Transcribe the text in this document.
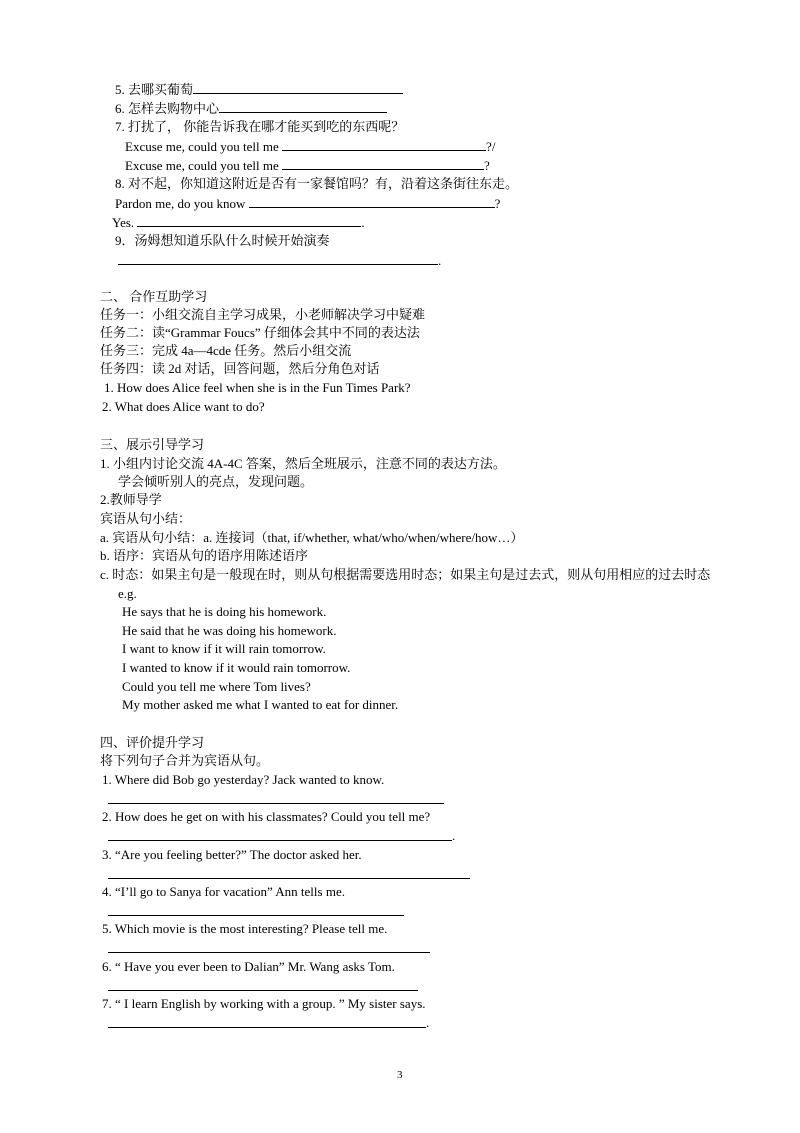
5. 去哪买葡萄
6. 怎样去购物中心
7. 打扰了， 你能告诉我在哪才能买到吃的东西呢？
Excuse me, could you tell me	?/
Excuse me, could you tell me	?
8. 对不起，你知道这附近是否有一家餐馆吗？有，沿着这条街往东走。
Pardon me, do you know	?
Yes.	.
9．汤姆想知道乐队什么时候开始演奏
.
二、 合作互助学习
任务一：小组交流自主学习成果，小老师解决学习中疑难
任务二：读“Grammar Foucs” 仔细体会其中不同的表达法
任务三：完成 4a—4cde 任务。然后小组交流
任务四：读 2d 对话，回答问题，然后分角色对话
1. How does Alice feel when she is in the Fun Times Park?
2. What does Alice want to do?
三、展示引导学习
1. 小组内讨论交流 4A-4C 答案，然后全班展示，注意不同的表达方法。
学会倾听别人的亮点，发现问题。
2.教师导学
宾语从句小结：
a. 宾语从句小结：a. 连接词（that, if/whether, what/who/when/where/how…）
b. 语序：宾语从句的语序用陈述语序
c. 时态：如果主句是一般现在时，则从句根据需要选用时态；如果主句是过去式，则从句用相应的过去时态
e.g.
He says that he is doing his homework.
He said that he was doing his homework.
I want to know if it will rain tomorrow.
I wanted to know if it would rain tomorrow.
Could you tell me where Tom lives?
My mother asked me what I wanted to eat for dinner.
四、评价提升学习
将下列句子合并为宾语从句。
1. Where did Bob go yesterday? Jack wanted to know.
2. How does he get on with his classmates? Could you tell me?
.
3. “Are you feeling better?” The doctor asked her.
4. “I’ll go to Sanya for vacation” Ann tells me.
5. Which movie is the most interesting? Please tell me.
6. “ Have you ever been to Dalian” Mr. Wang asks Tom.
7. “ I learn English by working with a group. ” My sister says.
.
3
